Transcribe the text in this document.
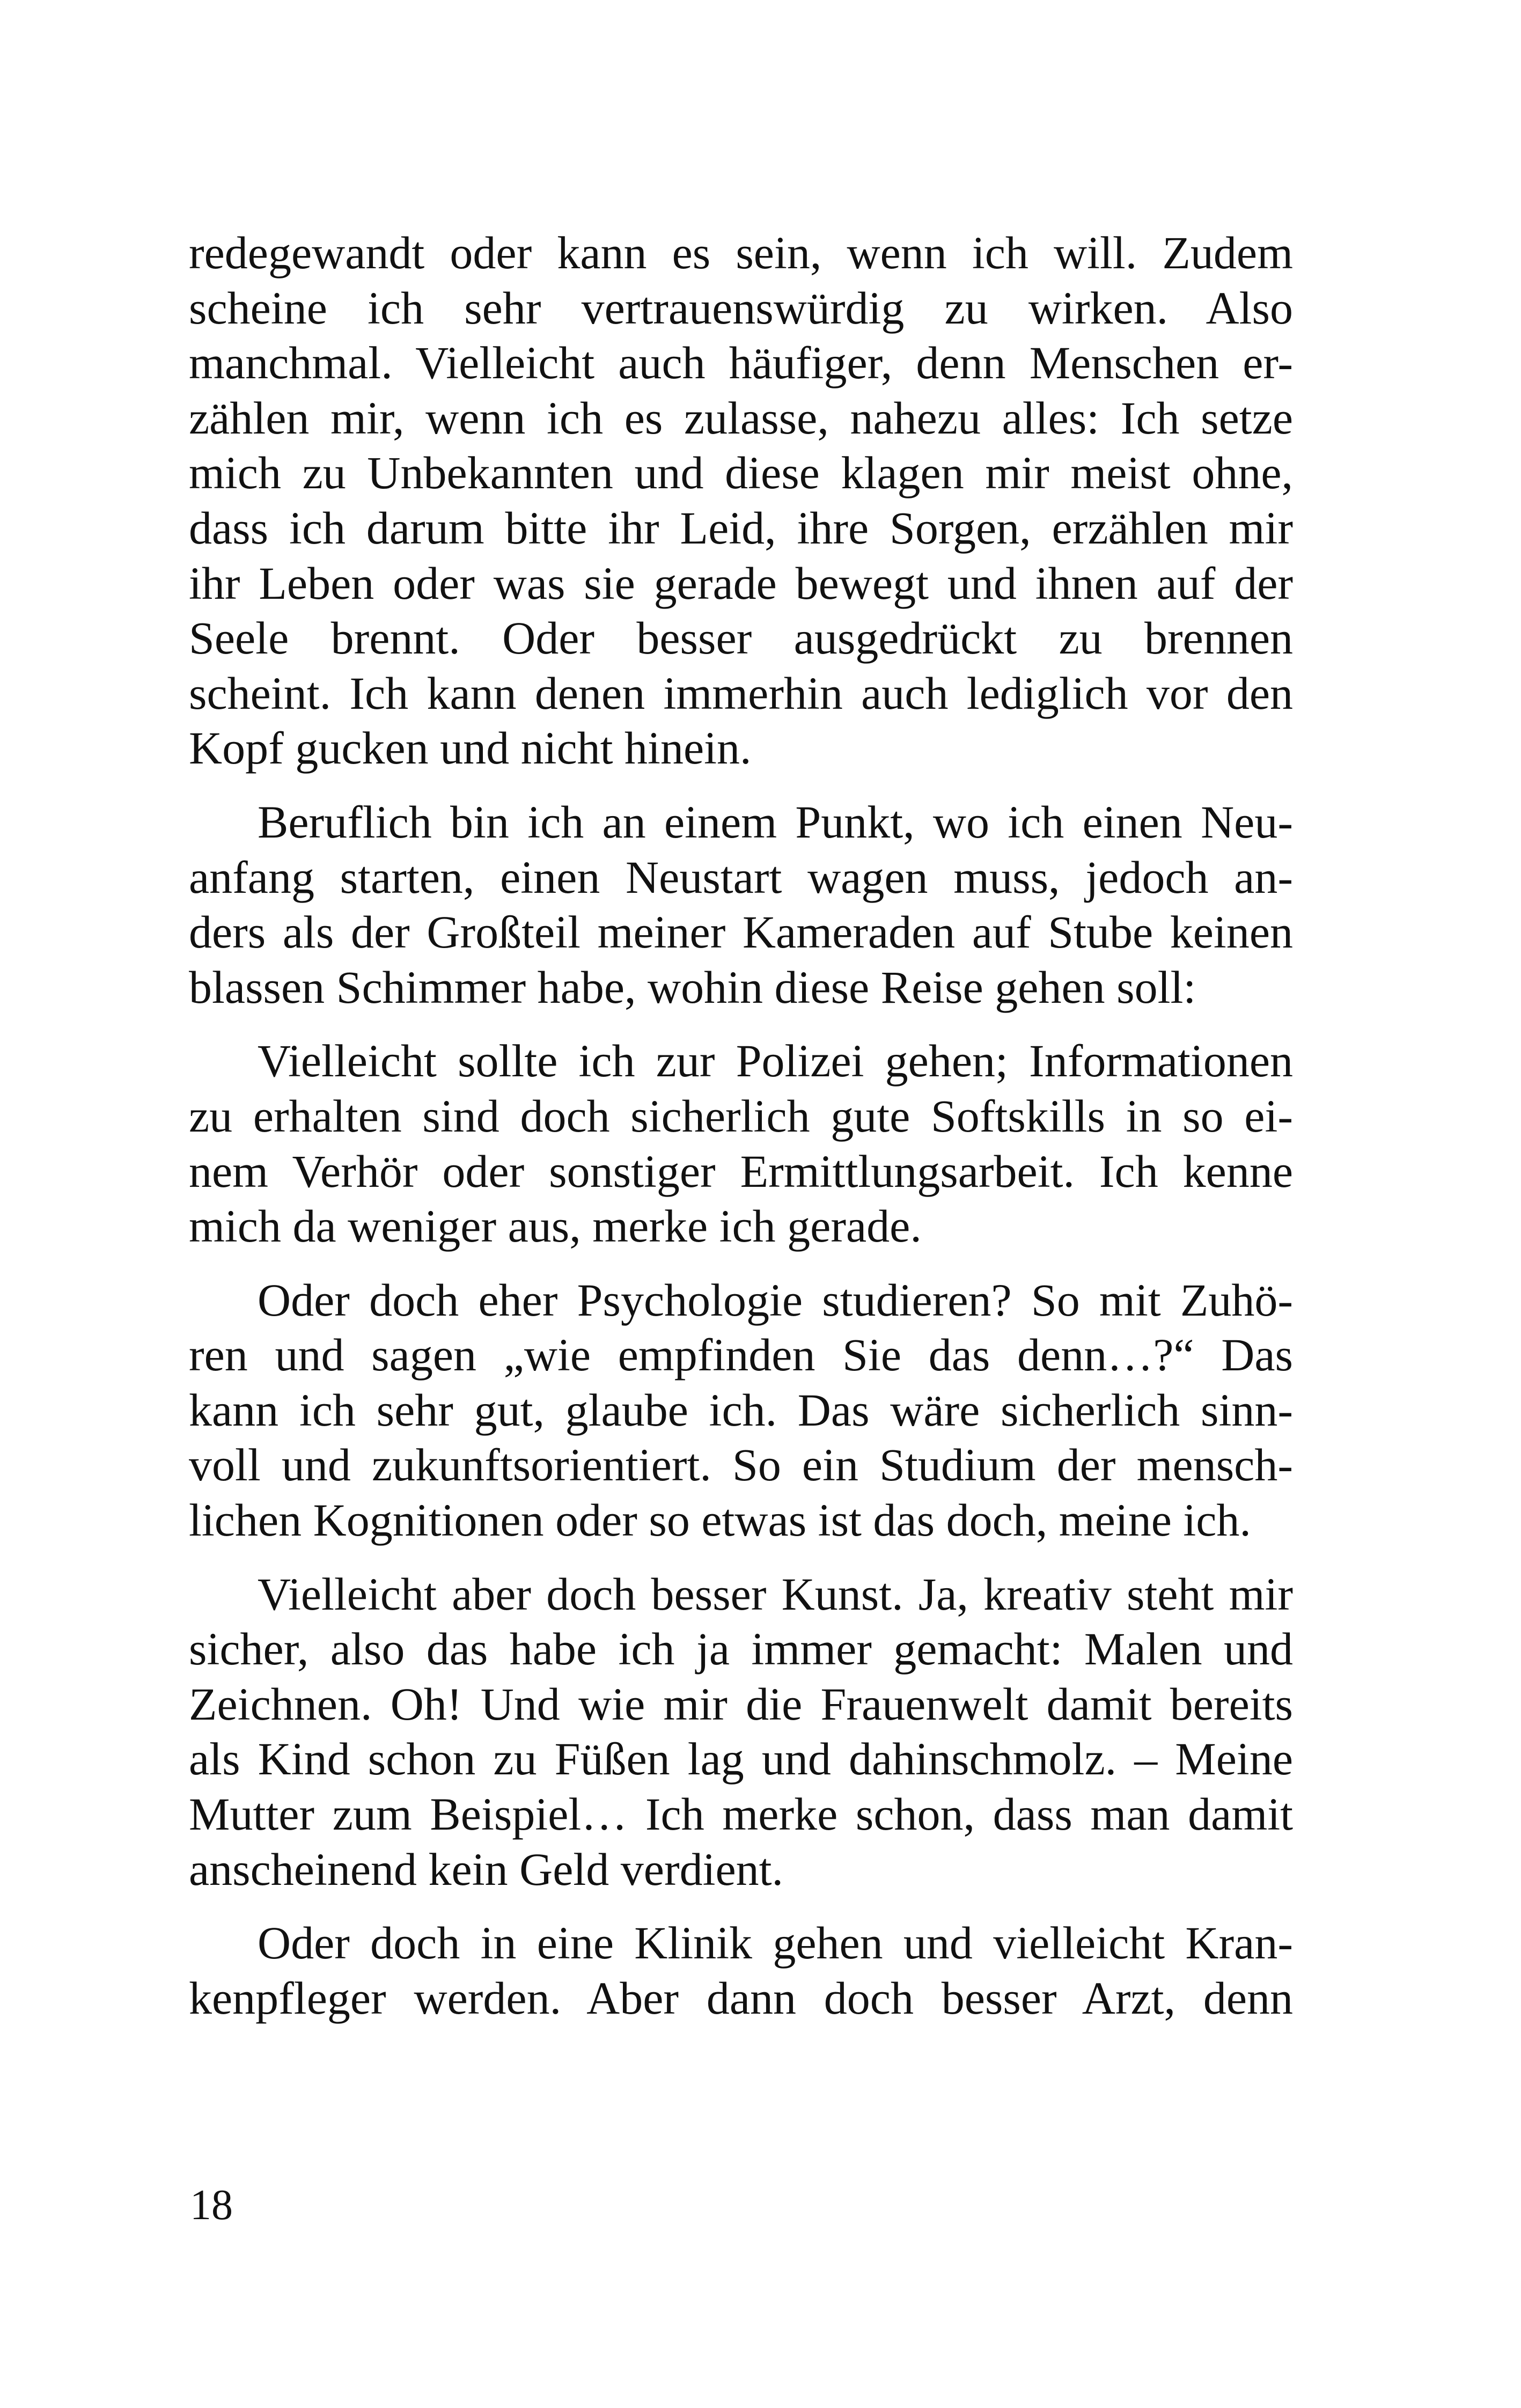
redegewandt oder kann es sein, wenn ich will. Zudem
scheine ich sehr vertrauenswürdig zu wirken. Also
manchmal. Vielleicht auch häufiger, denn Menschen er-
zählen mir, wenn ich es zulasse, nahezu alles: Ich setze
mich zu Unbekannten und diese klagen mir meist ohne,
dass ich darum bitte ihr Leid, ihre Sorgen, erzählen mir
ihr Leben oder was sie gerade bewegt und ihnen auf der
Seele brennt. Oder besser ausgedrückt zu brennen
scheint. Ich kann denen immerhin auch lediglich vor den
Kopf gucken und nicht hinein.

Beruflich bin ich an einem Punkt, wo ich einen Neu-
anfang starten, einen Neustart wagen muss, jedoch an-
ders als der Großteil meiner Kameraden auf Stube keinen
blassen Schimmer habe, wohin diese Reise gehen soll:

Vielleicht sollte ich zur Polizei gehen; Informationen
zu erhalten sind doch sicherlich gute Softskills in so ei-
nem Verhör oder sonstiger Ermittlungsarbeit. Ich kenne
mich da weniger aus, merke ich gerade.

Oder doch eher Psychologie studieren? So mit Zuhö-
ren und sagen „wie empfinden Sie das denn…?“ Das
kann ich sehr gut, glaube ich. Das wäre sicherlich sinn-
voll und zukunftsorientiert. So ein Studium der mensch-
lichen Kognitionen oder so etwas ist das doch, meine ich.

Vielleicht aber doch besser Kunst. Ja, kreativ steht mir
sicher, also das habe ich ja immer gemacht: Malen und
Zeichnen. Oh! Und wie mir die Frauenwelt damit bereits
als Kind schon zu Füßen lag und dahinschmolz. – Meine
Mutter zum Beispiel… Ich merke schon, dass man damit
anscheinend kein Geld verdient.

Oder doch in eine Klinik gehen und vielleicht Kran-
kenpfleger werden. Aber dann doch besser Arzt, denn

18
